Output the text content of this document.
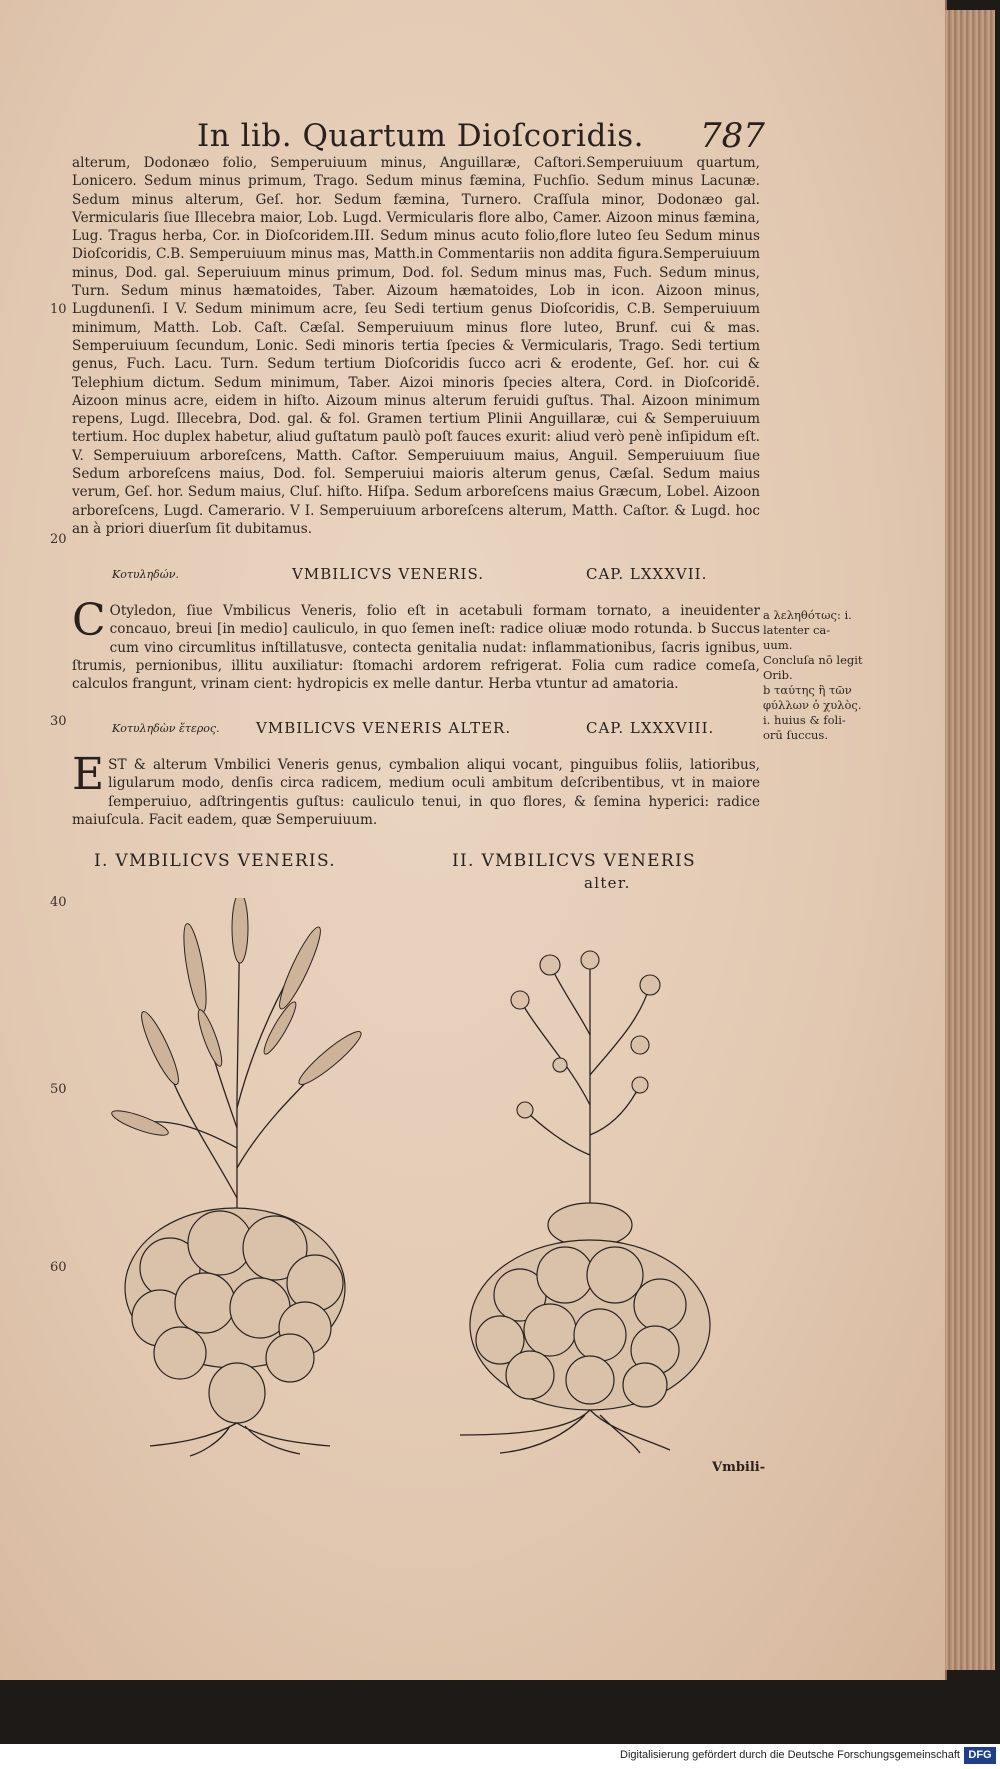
In lib. Quartum Dioſcoridis. 787

alterum, Dodonæo folio, Semperuiuum minus, Anguillaræ, Caſtori.Semperuiuum quartum, Lonicero. Sedum minus primum, Trago. Sedum minus fæmina, Fuchſio. Sedum minus Lacunæ. Sedum minus alterum, Geſ. hor. Sedum fæmina, Turnero. Craſſula minor, Dodonæo gal. Vermicularis ſiue Illecebra maior, Lob. Lugd. Vermicularis flore albo, Camer. Aizoon minus fæmina, Lug. Tragus herba, Cor. in Dioſcoridem.III. Sedum minus acuto folio,flore luteo ſeu Sedum minus Dioſcoridis, C.B. Semperuiuum minus mas, Matth.in Commentariis non addita figura.Semperuiuum minus, Dod. gal. Seperuiuum minus primum, Dod. fol. Sedum minus mas, Fuch. Sedum minus, Turn. Sedum minus hæmatoides, Taber. Aizoum hæmatoides, Lob in icon. Aizoon minus, Lugdunenſi. I V. Sedum minimum acre, ſeu Sedi tertium genus Dioſcoridis, C.B. Semperuiuum minimum, Matth. Lob. Caſt. Cæſal. Semperuiuum minus flore luteo, Brunf. cui & mas. Semperuiuum ſecundum, Lonic. Sedi minoris tertia ſpecies & Vermicularis, Trago. Sedi tertium genus, Fuch. Lacu. Turn. Sedum tertium Dioſcoridis ſucco acri & erodente, Geſ. hor. cui & Telephium dictum. Sedum minimum, Taber. Aizoi minoris ſpecies altera, Cord. in Dioſcoridē. Aizoon minus acre, eidem in hiſto. Aizoum minus alterum feruidi guſtus. Thal. Aizoon minimum repens, Lugd. Illecebra, Dod. gal. & fol. Gramen tertium Plinii Anguillaræ, cui & Semperuiuum tertium. Hoc duplex habetur, aliud guſtatum paulò poſt fauces exurit: aliud verò penè inſipidum eſt. V. Semperuiuum arboreſcens, Matth. Caſtor. Semperuiuum maius, Anguil. Semperuiuum ſiue Sedum arboreſcens maius, Dod. fol. Semperuiui maioris alterum genus, Cæſal. Sedum maius verum, Geſ. hor. Sedum maius, Cluſ. hiſto. Hiſpa. Sedum arboreſcens maius Græcum, Lobel. Aizoon arboreſcens, Lugd. Camerario. V I. Semperuiuum arboreſcens alterum, Matth. Caſtor. & Lugd. hoc an à priori diuerſum ſit dubitamus.

10
20
30
40
50
60
Κοτυληδών.	VMBILICVS VENERIS.	CAP. LXXXVII.

C Otyledon, ſiue Vmbilicus Veneris, folio eſt in acetabuli formam tornato, a ineuidenter concauo, breui [in medio] cauliculo, in quo ſemen ineſt: radice oliuæ modo rotunda. b Succus cum vino circumlitus inſtillatusve, contecta genitalia nudat: inflammationibus, ſacris ignibus, ſtrumis, pernionibus, illitu auxiliatur: ſtomachi ardorem refrigerat. Folia cum radice comeſa, calculos frangunt, vrinam cient: hydropicis ex melle dantur. Herba vtuntur ad amatoria.

Κοτυληδὼν ἕτερος. VMBILICVS VENERIS ALTER.	CAP. LXXXVIII.

EST & alterum Vmbilici Veneris genus, cymbalion aliqui vocant, pinguibus foliis, latioribus, ligularum modo, denſis circa radicem, medium oculi ambitum deſcribentibus, vt in maiore ſemperuiuo, adſtringentis guſtus: cauliculo tenui, in quo flores, & ſemina hyperici: radice maiuſcula. Facit eadem, quæ Semperuiuum.

a λεληθότως: i. latenter ca- uum.
Concluſa nō legit Orib.
b ταύτης ἢ τῶν φύλλων ὁ χυλὸς. i. huius & foli- orū ſuccus.
I. VMBILICVS VENERIS.	II. VMBILICVS VENERIS
alter.
Vmbili-
Digitalisierung gefördert durch die Deutsche Forschungsgemeinschaft DFG
